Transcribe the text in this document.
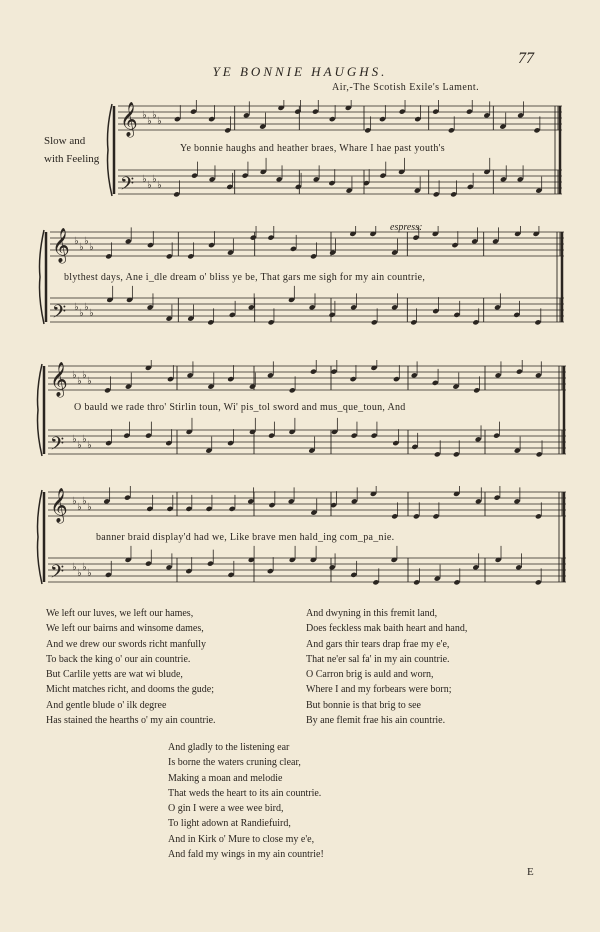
77
YE BONNIE HAUGHS.
Air,-The Scotish Exile's Lament.
Slow and
with Feeling
espress:
𝄞 ♭
♭
♭
♭
𝄢 ♭
♭
♭
♭
Ye bonnie haughs and heather braes, Whare I hae past youth's
𝄞 ♭
♭
♭
♭
𝄢 ♭
♭
♭
♭
blythest days, Ane i_dle dream o' bliss ye be, That gars me sigh for my ain countrie,
𝄞 ♭
♭
♭
♭
𝄢 ♭
♭
♭
♭
O bauld we rade thro' Stirlin toun, Wi' pis_tol sword and mus_que_toun, And
𝄞 ♭
♭
♭
♭
𝄢 ♭
♭
♭
♭
banner braid display'd had we, Like brave men hald_ing com_pa_nie.
We left our luves, we left our hames,
We left our bairns and winsome dames,
And we drew our swords richt manfully
To back the king o' our ain countrie.
But Carlile yetts are wat wi blude,
Micht matches richt, and dooms the gude;
And gentle blude o' ilk degree
Has stained the hearths o' my ain countrie.
And dwyning in this fremit land,
Does feckless mak baith heart and hand,
And gars thir tears drap frae my e'e,
That ne'er sal fa' in my ain countrie.
O Carron brig is auld and worn,
Where I and my forbears were born;
But bonnie is that brig to see
By ane flemit frae his ain countrie.
And gladly to the listening ear
Is borne the waters cruning clear,
Making a moan and melodie
That weds the heart to its ain countrie.
O gin I were a wee wee bird,
To light adown at Randiefuird,
And in Kirk o' Mure to close my e'e,
And fald my wings in my ain countrie!
E
